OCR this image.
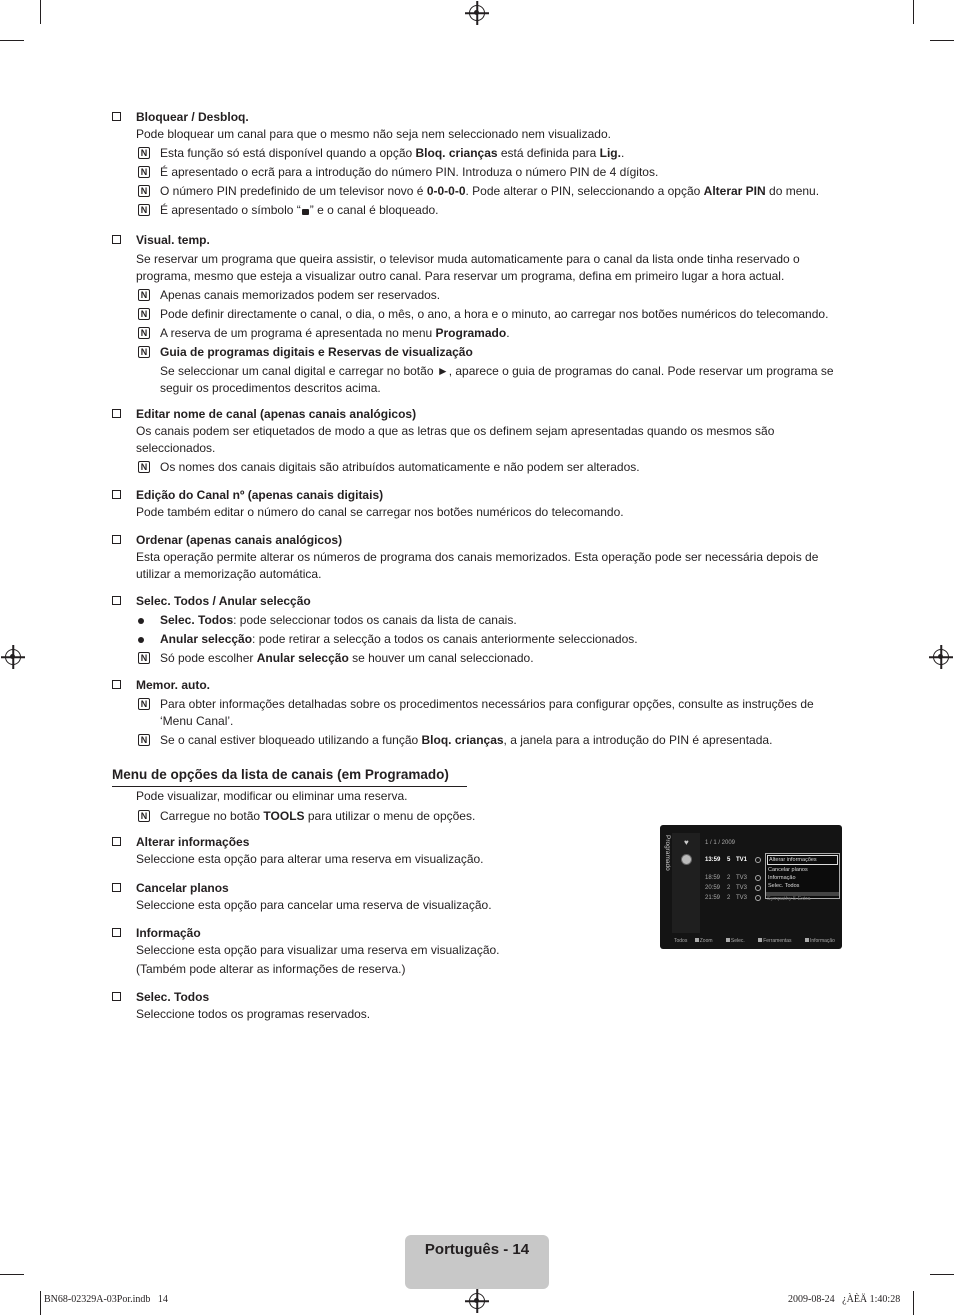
Bloquear / Desbloq.
Pode bloquear um canal para que o mesmo não seja nem seleccionado nem visualizado.
N Esta função só está disponível quando a opção Bloq. crianças está definida para Lig..
N É apresentado o ecrã para a introdução do número PIN. Introduza o número PIN de 4 dígitos.
N O número PIN predefinido de um televisor novo é 0-0-0-0. Pode alterar o PIN, seleccionando a opção Alterar PIN do menu.
N É apresentado o símbolo “ ” e o canal é bloqueado.
Visual. temp.
Se reservar um programa que queira assistir, o televisor muda automaticamente para o canal da lista onde tinha reservado o programa, mesmo que esteja a visualizar outro canal. Para reservar um programa, defina em primeiro lugar a hora actual.
N Apenas canais memorizados podem ser reservados.
N Pode definir directamente o canal, o dia, o mês, o ano, a hora e o minuto, ao carregar nos botões numéricos do telecomando.
N A reserva de um programa é apresentada no menu Programado.
N Guia de programas digitais e Reservas de visualização
Se seleccionar um canal digital e carregar no botão ►, aparece o guia de programas do canal. Pode reservar um programa se seguir os procedimentos descritos acima.
Editar nome de canal (apenas canais analógicos)
Os canais podem ser etiquetados de modo a que as letras que os definem sejam apresentadas quando os mesmos são seleccionados.
N Os nomes dos canais digitais são atribuídos automaticamente e não podem ser alterados.
Edição do Canal nº (apenas canais digitais)
Pode também editar o número do canal se carregar nos botões numéricos do telecomando.
Ordenar (apenas canais analógicos)
Esta operação permite alterar os números de programa dos canais memorizados. Esta operação pode ser necessária depois de utilizar a memorização automática.
Selec. Todos / Anular selecção
Selec. Todos: pode seleccionar todos os canais da lista de canais.
Anular selecção: pode retirar a selecção a todos os canais anteriormente seleccionados.
N Só pode escolher Anular selecção se houver um canal seleccionado.
Memor. auto.
N Para obter informações detalhadas sobre os procedimentos necessários para configurar opções, consulte as instruções de ‘Menu Canal’.
N Se o canal estiver bloqueado utilizando a função Bloq. crianças, a janela para a introdução do PIN é apresentada.
Menu de opções da lista de canais (em Programado)
Pode visualizar, modificar ou eliminar uma reserva.
N Carregue no botão TOOLS para utilizar o menu de opções.
Alterar informações
Seleccione esta opção para alterar uma reserva em visualização.
Cancelar planos
Seleccione esta opção para cancelar uma reserva de visualização.
Informação
Seleccione esta opção para visualizar uma reserva em visualização.
(Também pode alterar as informações de reserva.)
Selec. Todos
Seleccione todos os programas reservados.
Programado ♥	1 / 1 / 2009
13:59 5 TV1
18:59 2 TV3
20:59 2 TV3
21:59 2 TV3
Alterar informações
Cancelar planos
Informação
Selec. Todos
Sympathy 5 Extra
Todos Zoom	Selec.	Ferramentas	Informação
Português - 14
BN68-02329A-03Por.indb   14	2009-08-24   ¿ÀÈÄ 1:40:28
